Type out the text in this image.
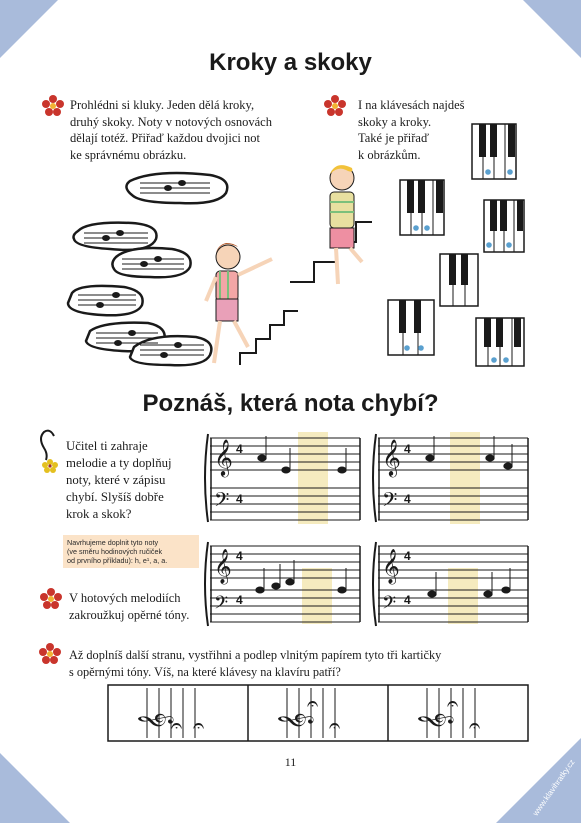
www.klavihratky.cz
Kroky a skoky
Prohlédni si kluky. Jeden dělá kroky,
druhý skoky. Noty v notových osnovách
dělají totéž. Přiřaď každou dvojici not
ke správnému obrázku.
I na klávesách najdeš
skoky a kroky.
Také je přiřaď
k obrázkům.
Poznáš, která nota chybí?
Učitel ti zahraje
melodie a ty doplňuj
noty, které v zápisu
chybí. Slyšíš dobře
krok a skok?
Navrhujeme doplnit tyto noty
(ve směru hodinových ručiček
od prvního příkladu): h, e¹, a, a.
V hotových melodiích
zakroužkuj opěrné tóny.
𝄞
𝄢
4
4
𝄞
𝄢
4
4
𝄞
𝄢
4
4
𝄞
𝄢
4
4
Až doplníš další stranu, vystřihni a podlep vlnitým papírem tyto tři kartičky
s opěrnými tóny. Víš, na které klávesy na klavíru patří?
𝄞	𝄞	𝄞
𝄐 𝄐
𝄐
𝄐
𝄐
𝄐
11
